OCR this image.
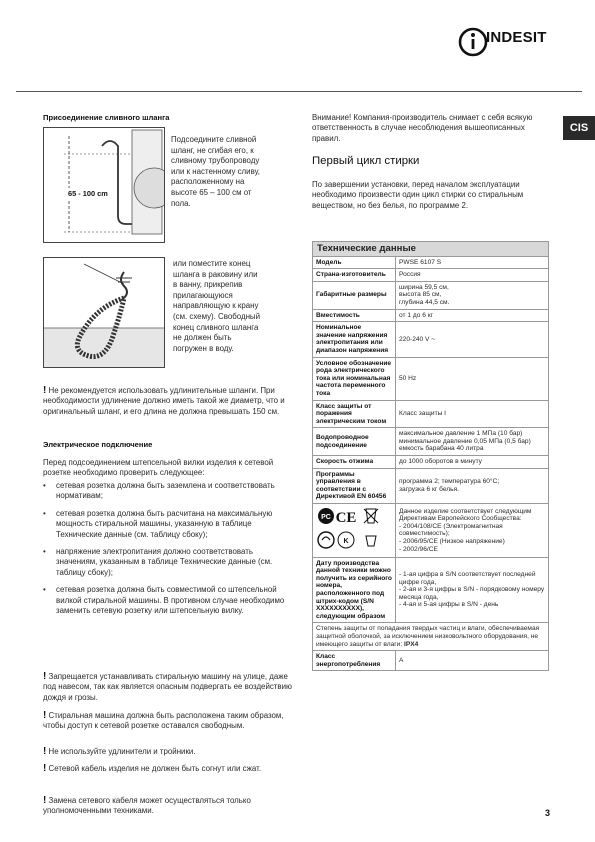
INDESIT
CIS
Присоединение сливного шланга
65 - 100 cm
Подсоедините сливной
шланг, не сгибая его, к
сливному трубопроводу
или к настенному сливу,
расположенному на
высоте 65 – 100 см от
пола.
или поместите конец
шланга в раковину или
в ванну, прикрепив
прилагающуюся
направляющую к крану
(см. схему). Свободный
конец сливного шланга
не должен быть
погружен в воду.
! Не рекомендуется использовать удлинительные шланги. При необходимости удлинение должно иметь такой же диаметр, что и оригинальный шланг, и его длина не должна превышать 150 см.
Электрическое подключение
Перед подсоединением штепсельной вилки изделия к сетевой розетке необходимо проверить следующее:
• сетевая розетка должна быть заземлена и соответствовать нормативам;
• сетевая розетка должна быть расчитана на максимальную мощность стиральной машины, указанную в таблице Технические данные (см. таблицу сбоку);
• напряжение электропитания должно соответствовать значениям, указанным в таблице Технические данные (см. таблицу сбоку);
• сетевая розетка должна быть совместимой со штепсельной вилкой стиральной машины. В противном случае необходимо заменить сетевую розетку или штепсельную вилку.
! Запрещается устанавливать стиральную машину на улице, даже под навесом, так как является опасным подвергать ее воздействию дождя и грозы.
! Стиральная машина должна быть расположена таким образом, чтобы доступ к сетевой розетке оставался свободным.
! Не используйте удлинители и тройники.
! Сетевой кабель изделия не должен быть согнут или сжат.
! Замена сетевого кабеля может осуществляться только уполномоченными техниками.
Внимание! Компания-производитель снимает с себя всякую ответственность в случае несоблюдения вышеописанных правил.
Первый цикл стирки
По завершении установки, перед началом эксплуатации необходимо произвести один цикл стирки со стиральным веществом, но без белья, по программе 2.
Технические данные	
Модель	PWSE 6107 S
Страна-изготовитель	Россия
Габаритные размеры	ширина 59,5 см,
высота 85 см,
глубина 44,5 см.
Вместимость	от 1 до 6 кг
Номинальное значение напряжения электропитания или диапазон напряжения	220-240 V ~
Условное обозначение рода электрического тока или номинальная частота переменного тока	50 Hz
Класс защиты от поражения электрическим током	Класс защиты I
Водопроводное подсоединение	максимальное давление 1 МПа (10 бар)
минимальное давление 0,05 МПа (0,5 бар)
емкость барабана 40 литра
Скорость отжима	до 1000 оборотов в минуту
Программы управления в соответствии с Директивой EN 60456	программа 2; температура 60°С;
загрузка 6 кг белья.

PC CE
K	Данное изделие соответствует следующим Директивам Европейского Сообщества:
- 2004/108/CE (Электромагнитная совместимость);
- 2006/95/CE (Низкое напряжение)
- 2002/96/CE
Дату производства данной техники можно получить из серийного номера, расположенного под штрих-кодом (S/N XXXXXXXXXX), следующим образом	- 1-ая цифра в S/N соответствует последней цифре года,
- 2-ая и 3-я цифры в S/N - порядковому номеру месяца года,
- 4-ая и 5-ая цифры в S/N - день
Степень защиты от попадания твердых частиц и влаги, обеспечиваемая защитной оболочкой, за исключением низковольтного оборудования, не имеющего защиты от влаги: IPX4	
Класс энергопотребления	A
3
